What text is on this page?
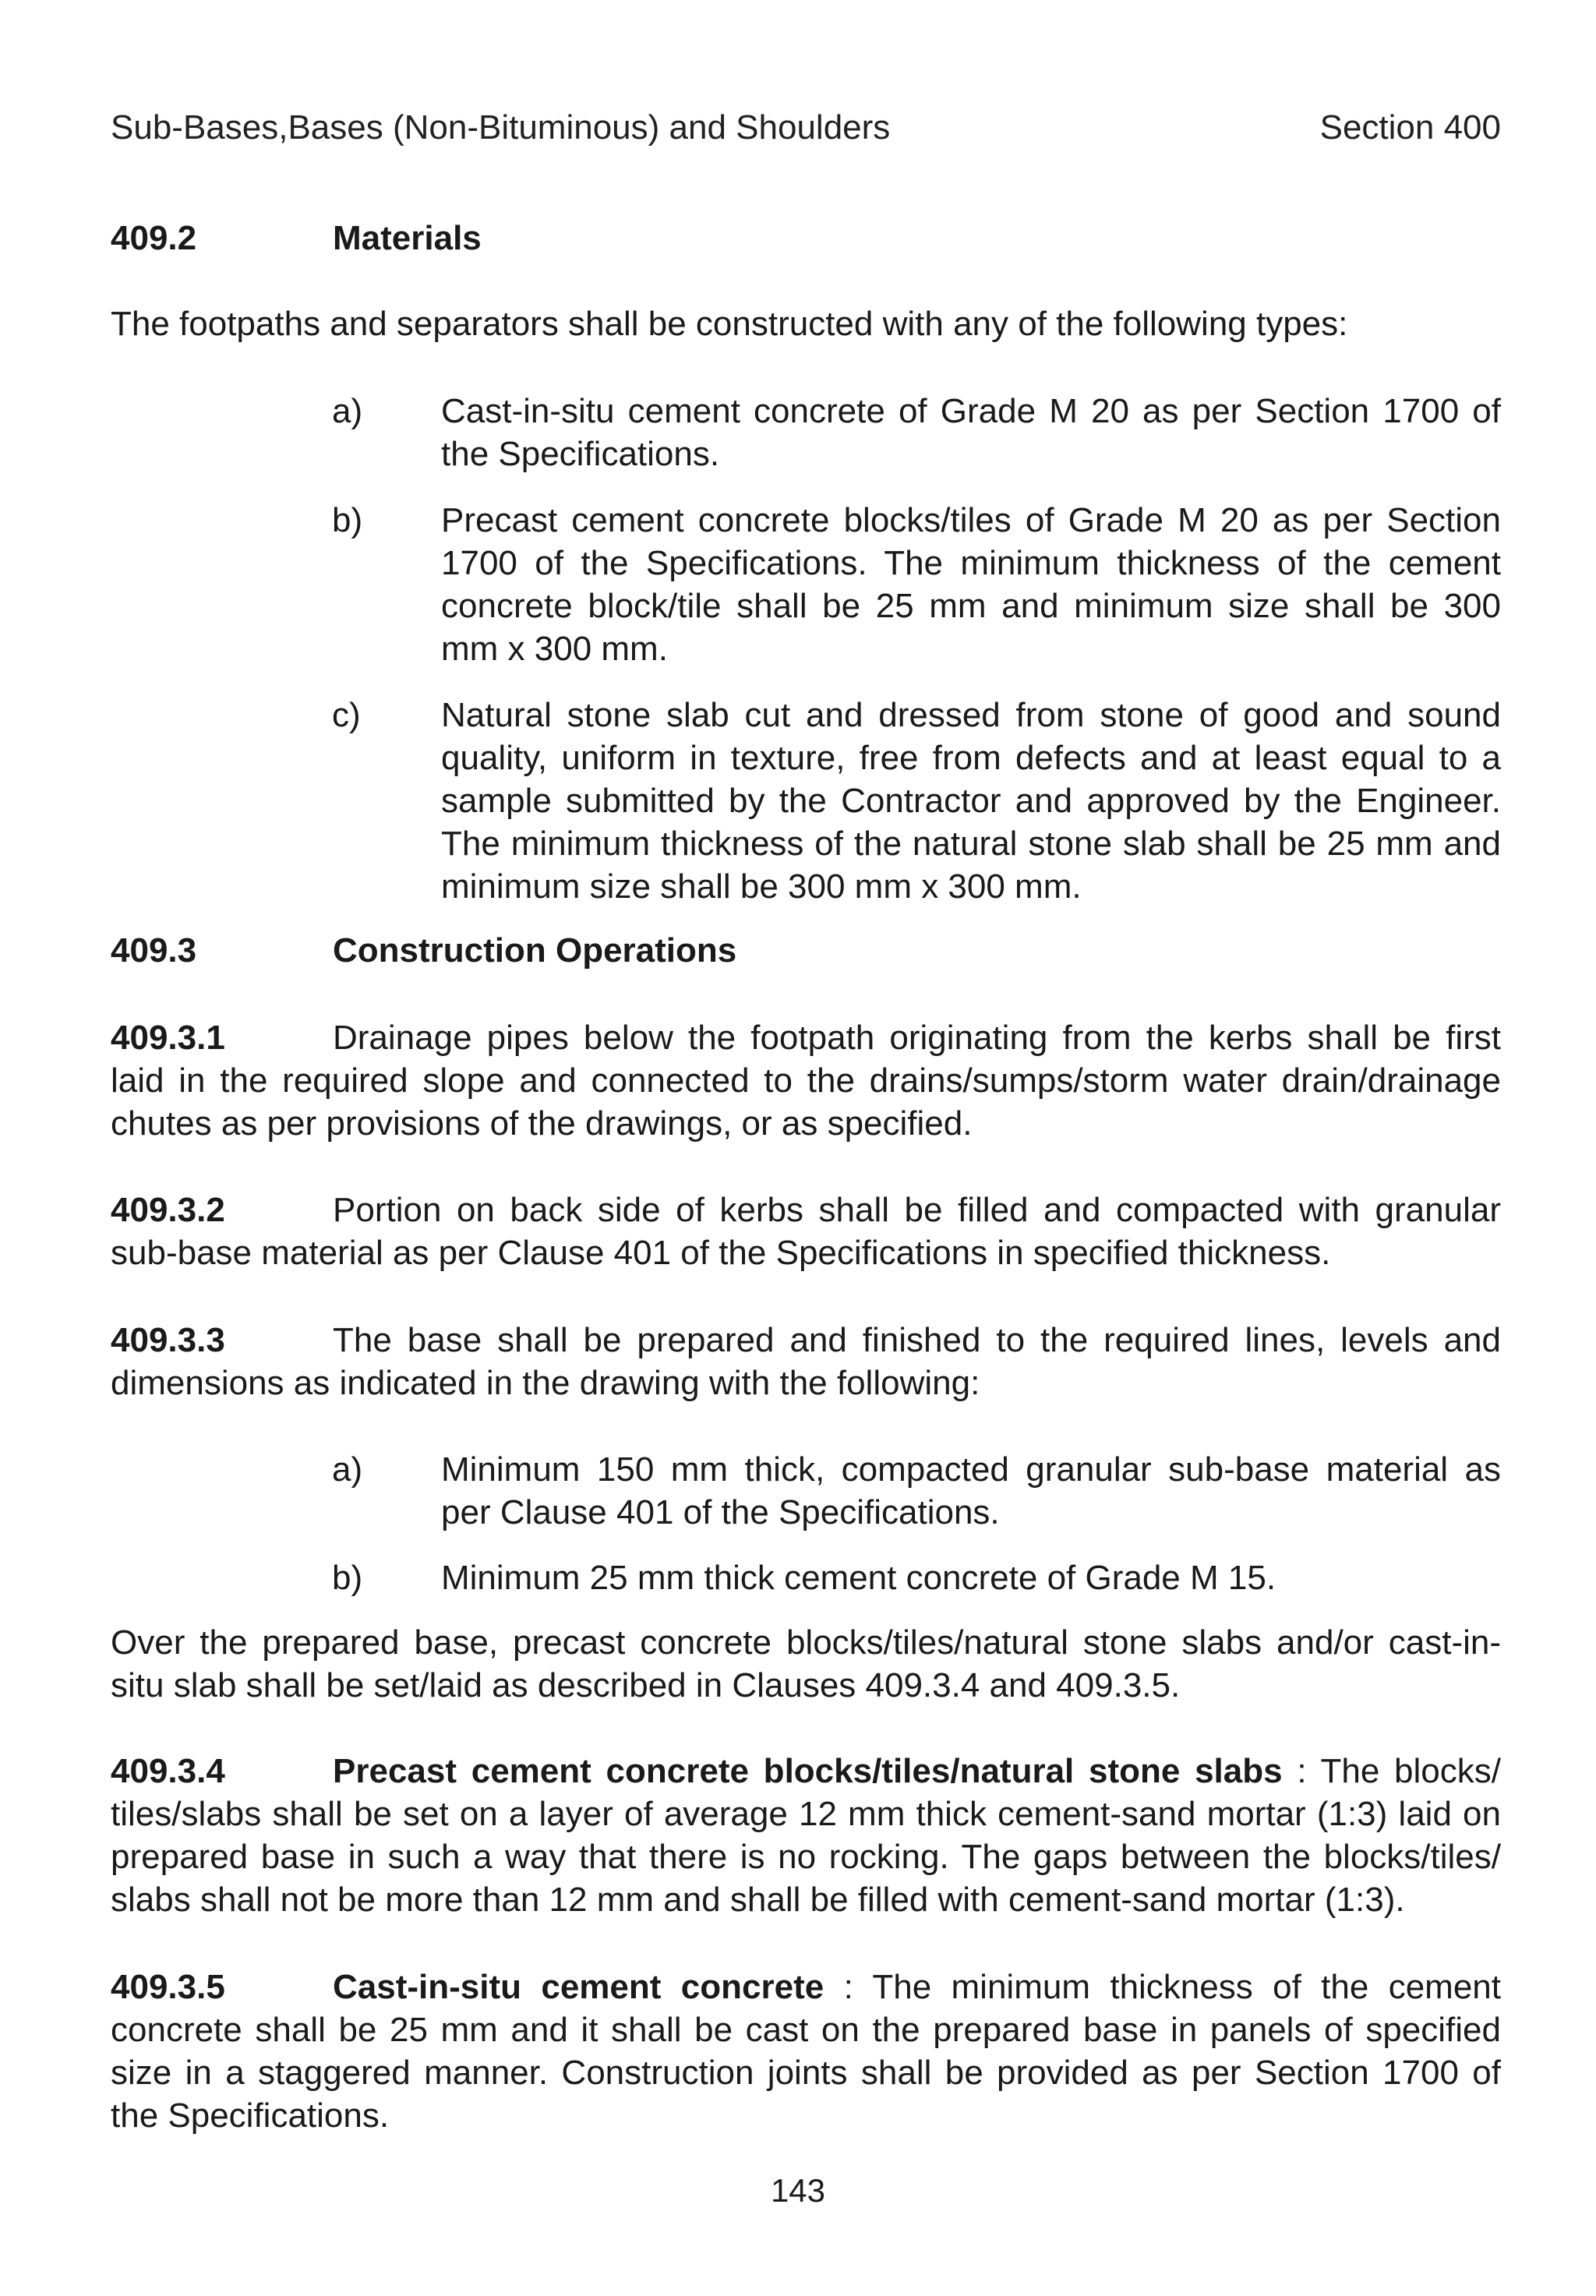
Sub-Bases,Bases (Non-Bituminous) and Shoulders	Section 400
409.2	Materials
The footpaths and separators shall be constructed with any of the following types:
a) Cast-in-situ cement concrete of Grade M 20 as per Section 1700 of the Specifications.
b) Precast cement concrete blocks/tiles of Grade M 20 as per Section 1700 of the Specifications. The minimum thickness of the cement concrete block/tile shall be 25 mm and minimum size shall be 300 mm x 300 mm.
c) Natural stone slab cut and dressed from stone of good and sound quality, uniform in texture, free from defects and at least equal to a sample submitted by the Contractor and approved by the Engineer. The minimum thickness of the natural stone slab shall be 25 mm and minimum size shall be 300 mm x 300 mm.
409.3	Construction Operations
409.3.1	Drainage pipes below the footpath originating from the kerbs shall be first laid in the required slope and connected to the drains/sumps/storm water drain/drainage chutes as per provisions of the drawings, or as specified.
409.3.2	Portion on back side of kerbs shall be filled and compacted with granular sub-base material as per Clause 401 of the Specifications in specified thickness.
409.3.3	The base shall be prepared and finished to the required lines, levels and dimensions as indicated in the drawing with the following:
a) Minimum 150 mm thick, compacted granular sub-base material as per Clause 401 of the Specifications.
b) Minimum 25 mm thick cement concrete of Grade M 15.
Over the prepared base, precast concrete blocks/tiles/natural stone slabs and/or cast-in-situ slab shall be set/laid as described in Clauses 409.3.4 and 409.3.5.
409.3.4	Precast cement concrete blocks/tiles/natural stone slabs : The blocks/ tiles/slabs shall be set on a layer of average 12 mm thick cement-sand mortar (1:3) laid on prepared base in such a way that there is no rocking. The gaps between the blocks/tiles/ slabs shall not be more than 12 mm and shall be filled with cement-sand mortar (1:3).
409.3.5	Cast-in-situ cement concrete : The minimum thickness of the cement concrete shall be 25 mm and it shall be cast on the prepared base in panels of specified size in a staggered manner. Construction joints shall be provided as per Section 1700 of the Specifications.
143
